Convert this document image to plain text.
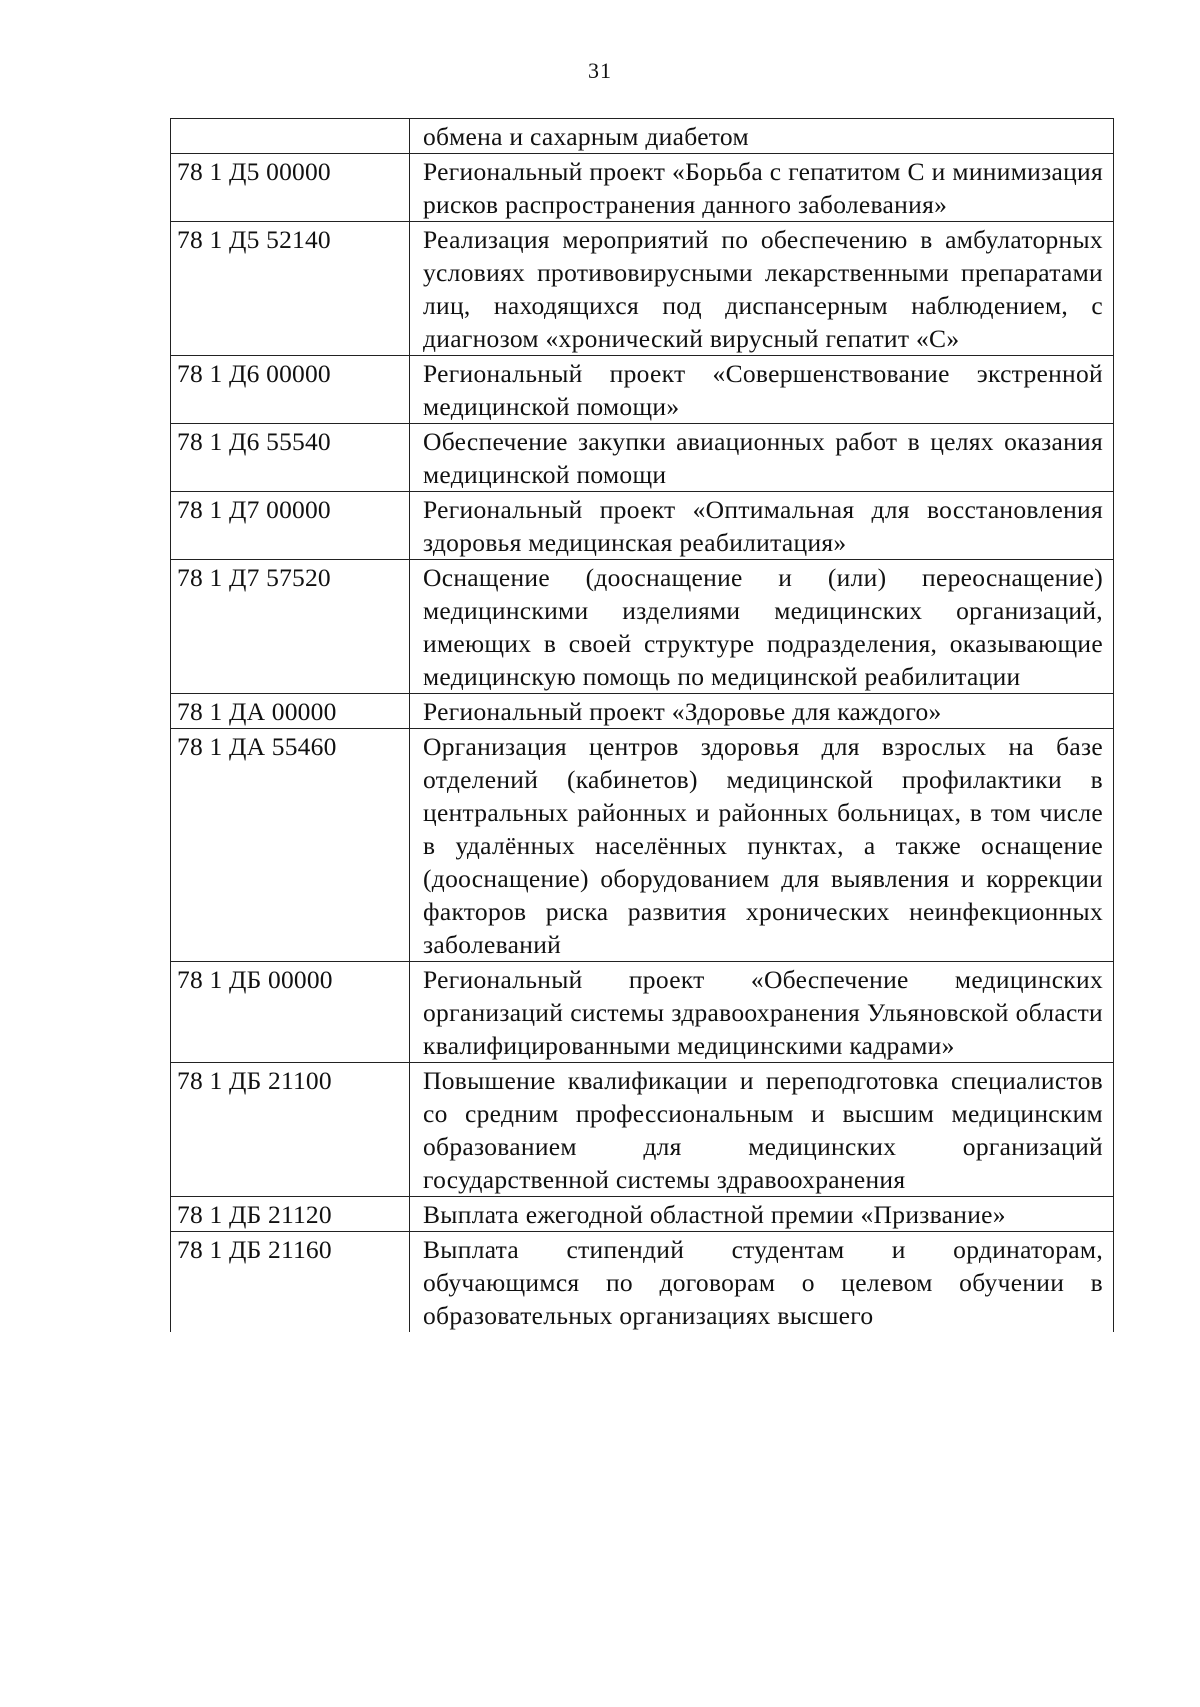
31
	обмена и сахарным диабетом
78 1 Д5 00000	Региональный проект «Борьба с гепатитом С и минимизация рисков распространения данного заболевания»
78 1 Д5 52140	Реализация мероприятий по обеспечению в амбулаторных условиях противовирусными лекарственными препаратами лиц, находящихся под диспансерным наблюдением, с диагнозом «хронический вирусный гепатит «С»
78 1 Д6 00000	Региональный проект «Совершенствование экстренной медицинской помощи»
78 1 Д6 55540	Обеспечение закупки авиационных работ в целях оказания медицинской помощи
78 1 Д7 00000	Региональный проект «Оптимальная для восстановления здоровья медицинская реабилитация»
78 1 Д7 57520	Оснащение (дооснащение и (или) переоснащение) медицинскими изделиями медицинских организаций, имеющих в своей структуре подразделения, оказывающие медицинскую помощь по медицинской реабилитации
78 1 ДА 00000	Региональный проект «Здоровье для каждого»
78 1 ДА 55460	Организация центров здоровья для взрослых на базе отделений (кабинетов) медицинской профилактики в центральных районных и районных больницах, в том числе в удалённых населённых пунктах, а также оснащение (дооснащение) оборудованием для выявления и коррекции факторов риска развития хронических неинфекционных заболеваний
78 1 ДБ 00000	Региональный проект «Обеспечение медицинских организаций системы здравоохранения Ульяновской области квалифицированными медицинскими кадрами»
78 1 ДБ 21100	Повышение квалификации и переподготовка специалистов со средним профессиональным и высшим медицинским образованием для медицинских организаций государственной системы здравоохранения
78 1 ДБ 21120	Выплата ежегодной областной премии «Призвание»
78 1 ДБ 21160	Выплата стипендий студентам и ординаторам, обучающимся по договорам о целевом обучении в образовательных организациях высшего
